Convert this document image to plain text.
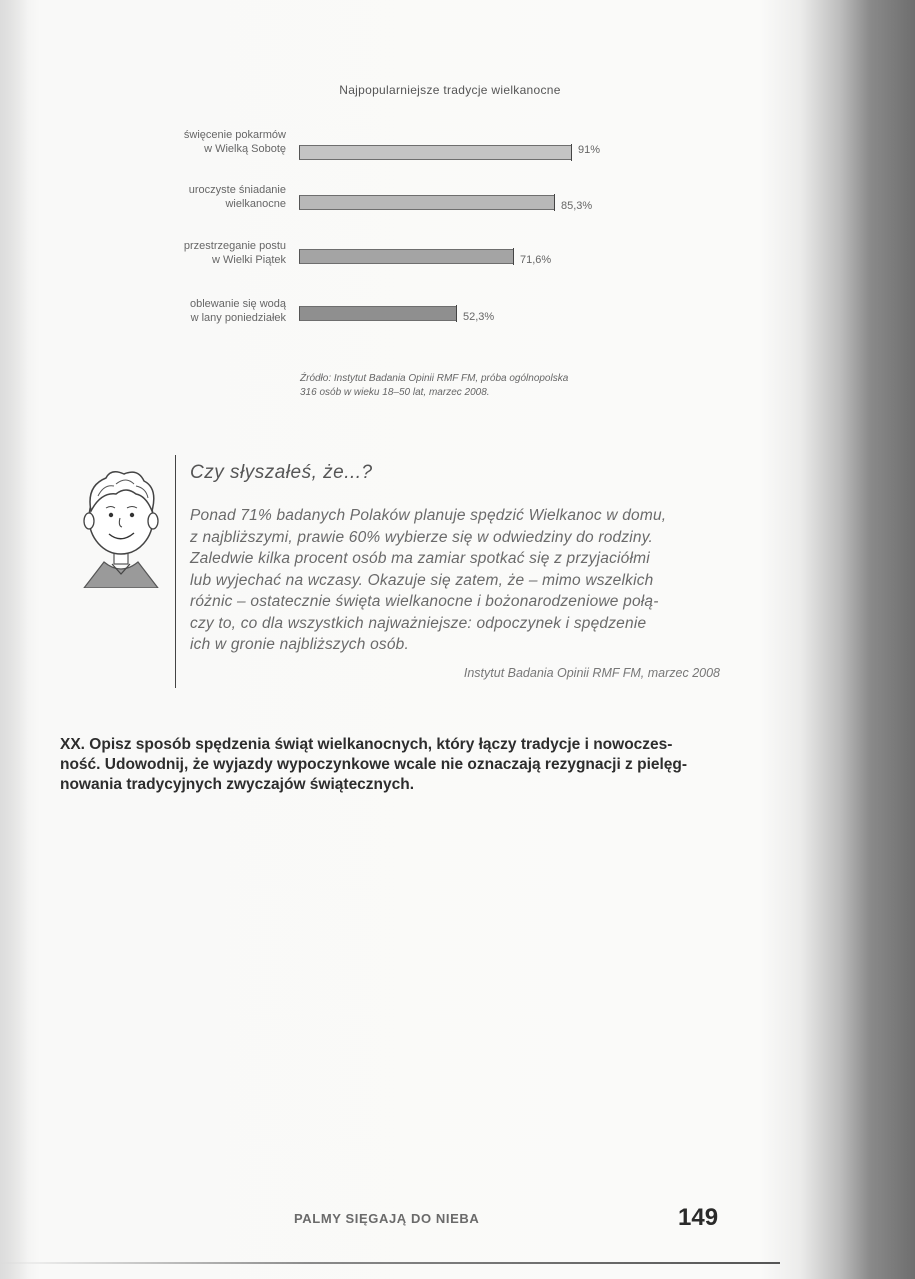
Najpopularniejsze tradycje wielkanocne
91%
święcenie pokarmów
w Wielką Sobotę
85,3%
uroczyste śniadanie
wielkanocne
71,6%
przestrzeganie postu
w Wielki Piątek
52,3%
oblewanie się wodą
w lany poniedziałek
Źródło: Instytut Badania Opinii RMF FM, próba ogólnopolska
316 osób w wieku 18–50 lat, marzec 2008.
Czy słyszałeś, że...?
Ponad 71% badanych Polaków planuje spędzić Wielkanoc w domu,
z najbliższymi, prawie 60% wybierze się w odwiedziny do rodziny.
Zaledwie kilka procent osób ma zamiar spotkać się z przyjaciółmi
lub wyjechać na wczasy. Okazuje się zatem, że – mimo wszelkich
różnic – ostatecznie święta wielkanocne i bożonarodzeniowe połą-
czy to, co dla wszystkich najważniejsze: odpoczynek i spędzenie
ich w gronie najbliższych osób.
Instytut Badania Opinii RMF FM, marzec 2008
XX. Opisz sposób spędzenia świąt wielkanocnych, który łączy tradycje i nowoczes-
ność. Udowodnij, że wyjazdy wypoczynkowe wcale nie oznaczają rezygnacji z pielęg-
nowania tradycyjnych zwyczajów świątecznych.
PALMY SIĘGAJĄ DO NIEBA	149
